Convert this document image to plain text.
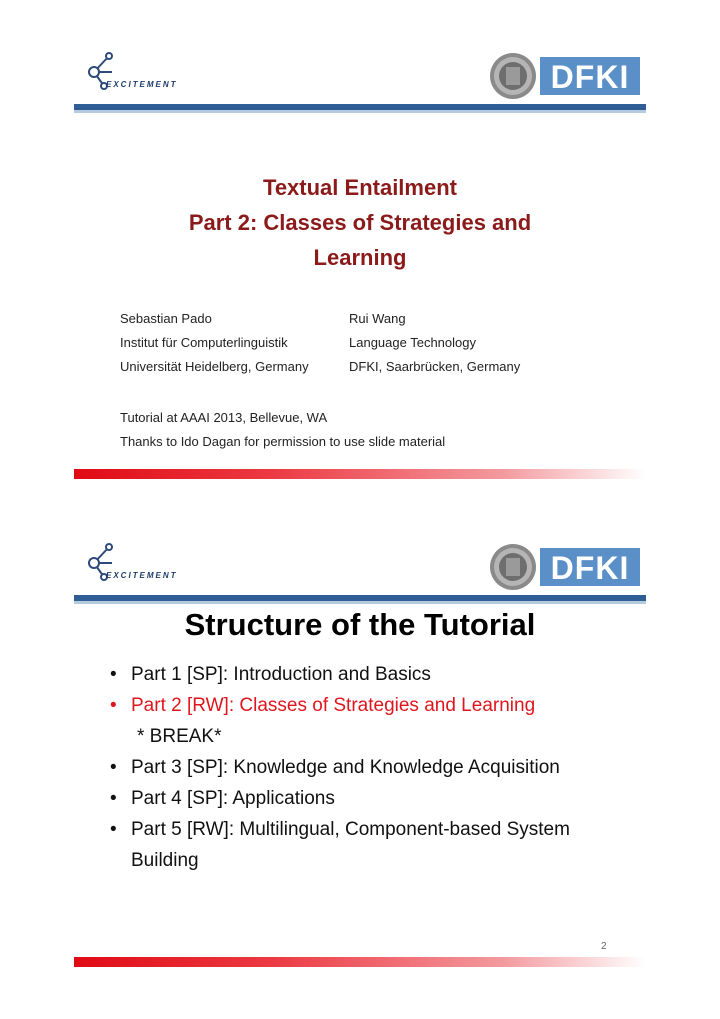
EXCITEMENT	DFKI
Textual Entailment
Part 2: Classes of Strategies and
Learning
Sebastian Pado	Rui Wang
Institut für Computerlinguistik	Language Technology
Universität Heidelberg, Germany	DFKI, Saarbrücken, Germany
Tutorial at AAAI 2013, Bellevue, WA
Thanks to Ido Dagan for permission to use slide material
EXCITEMENT	DFKI
Structure of the Tutorial
• Part 1 [SP]: Introduction and Basics
• Part 2 [RW]: Classes of Strategies and Learning
* BREAK*
• Part 3 [SP]: Knowledge and Knowledge Acquisition
• Part 4 [SP]: Applications
• Part 5 [RW]: Multilingual, Component-based System
Building
2
